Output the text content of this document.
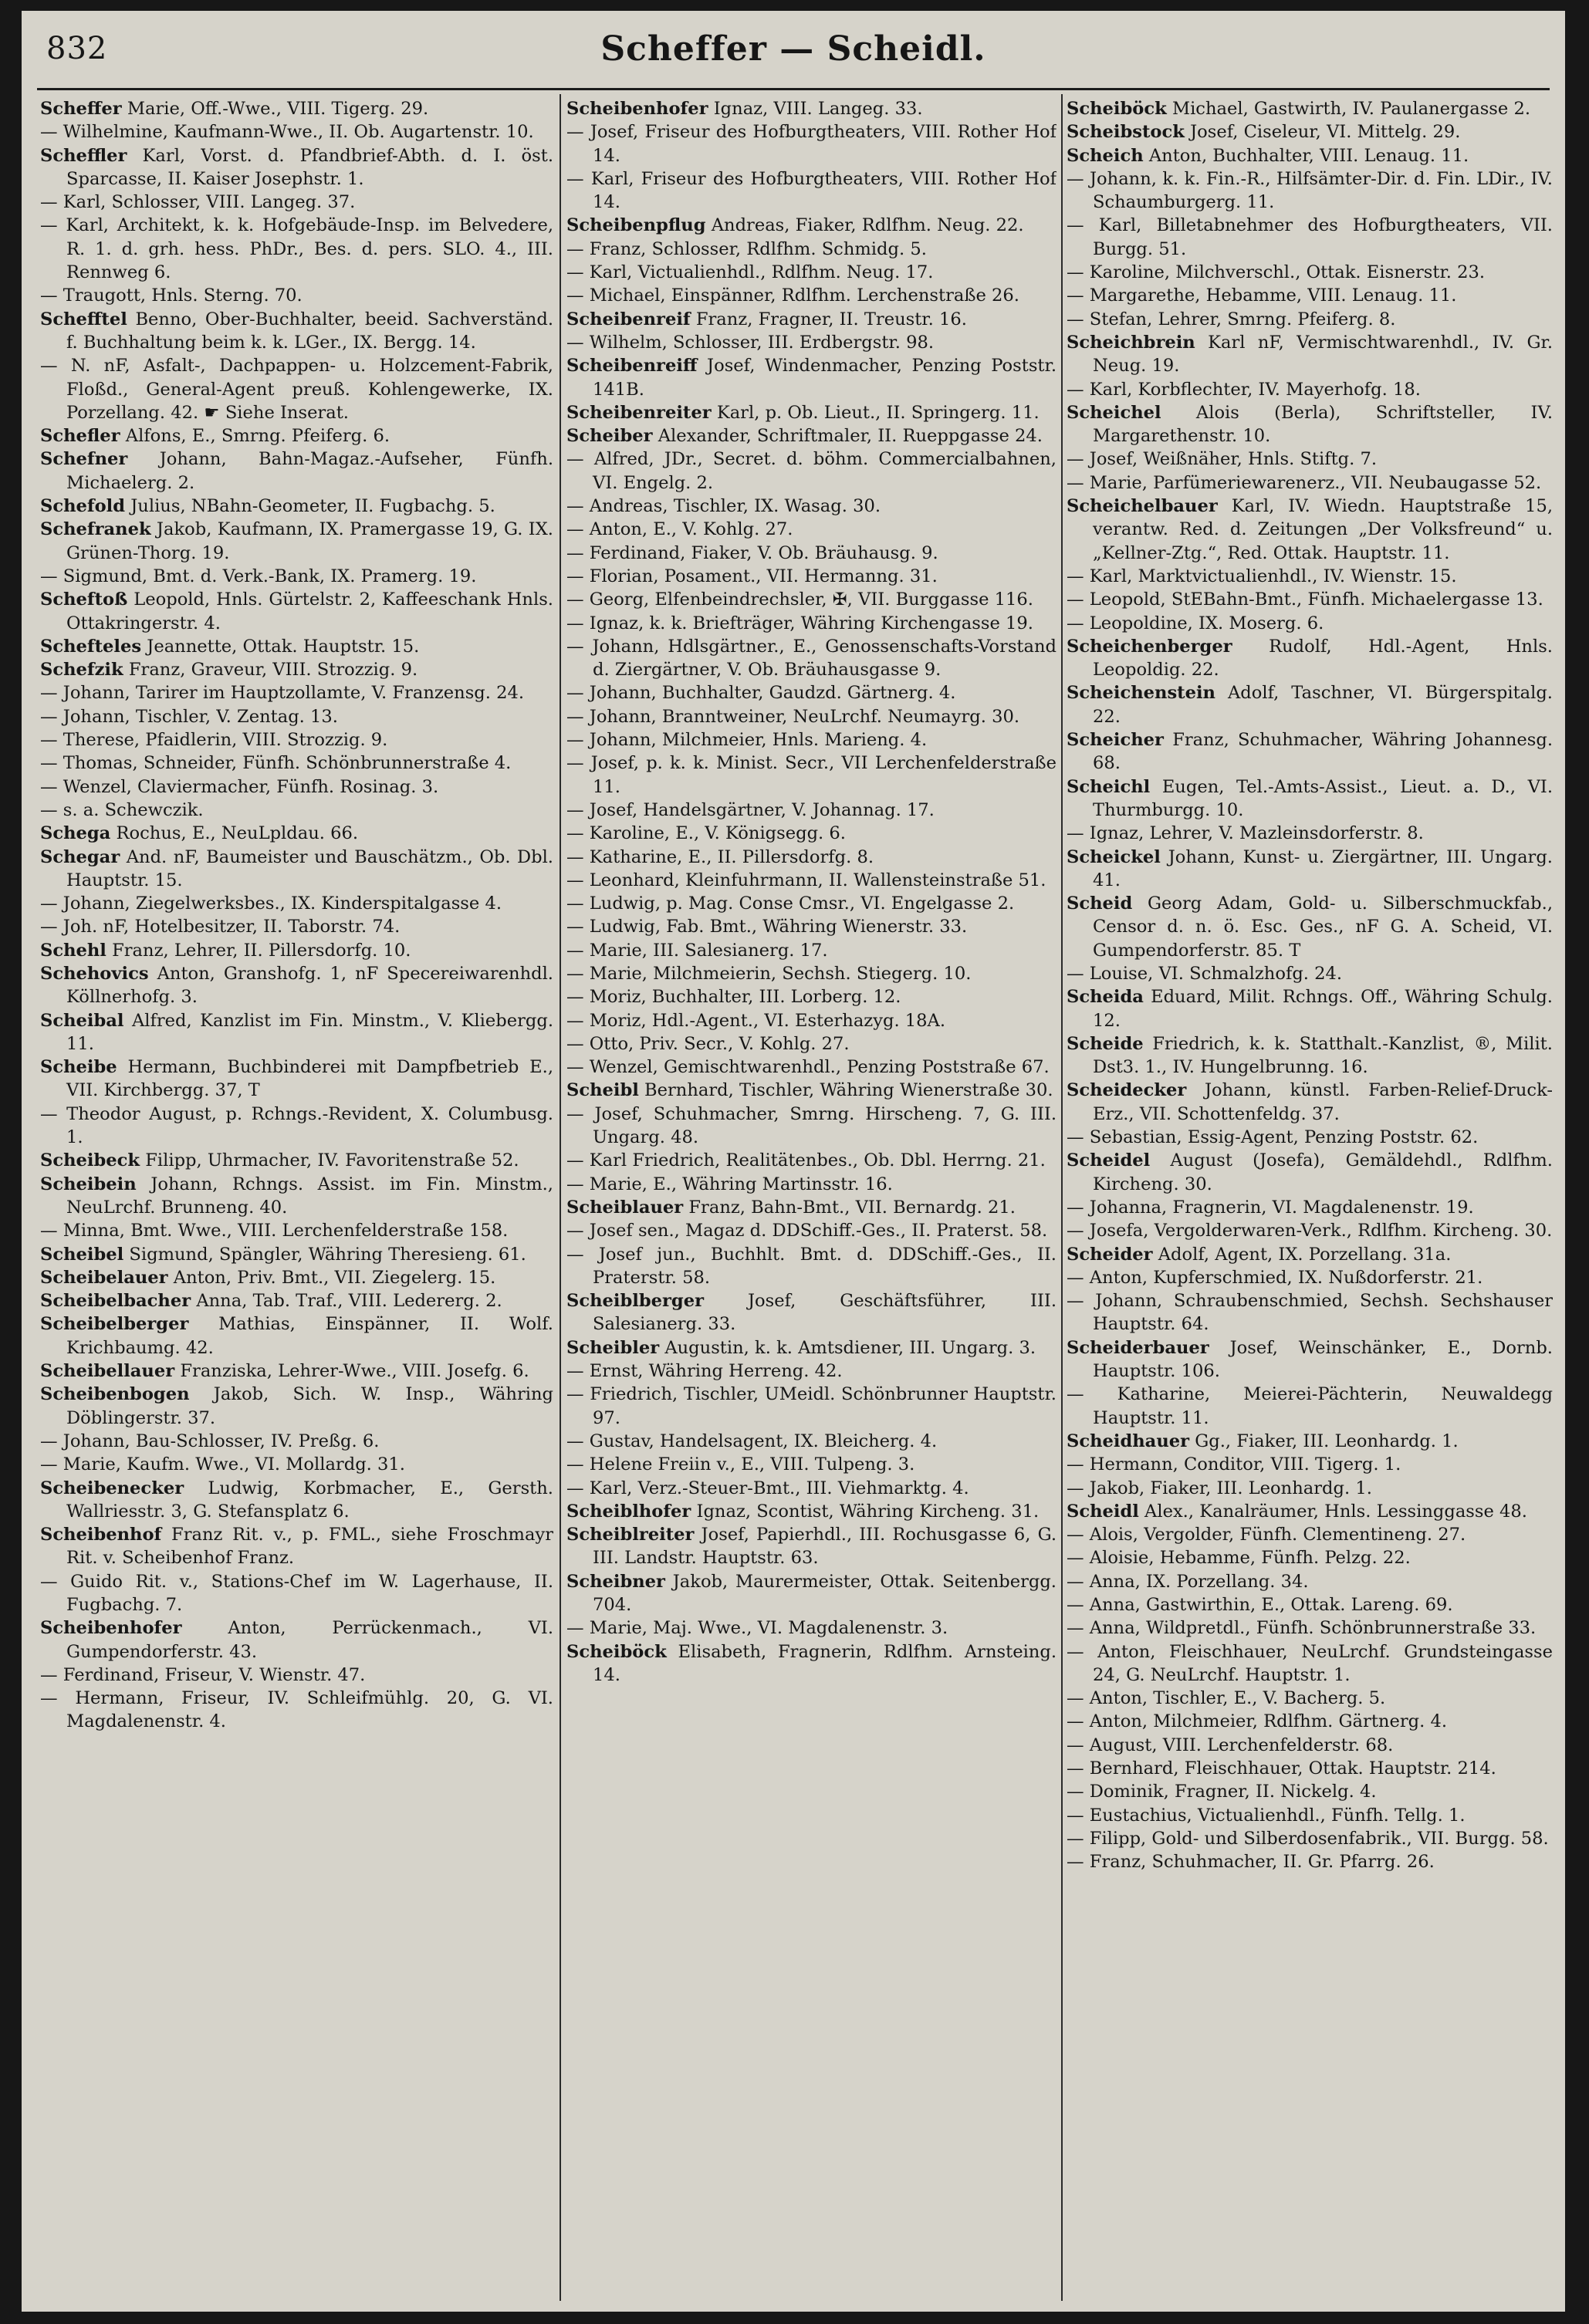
832	Scheffer — Scheidl.

Scheffer Marie, Off.-Wwe., VIII. Tigerg. 29.

— Wilhelmine, Kaufmann-Wwe., II. Ob. Augartenstr. 10.

Scheffler Karl, Vorst. d. Pfandbrief-Abth. d. I. öst. Sparcasse, II. Kaiser Josephstr. 1.

— Karl, Schlosser, VIII. Langeg. 37.

— Karl, Architekt, k. k. Hofgebäude-Insp. im Belvedere, R. 1. d. grh. hess. PhDr., Bes. d. pers. SLO. 4., III. Rennweg 6.

— Traugott, Hnls. Sterng. 70.

Schefftel Benno, Ober-Buchhalter, beeid. Sachverständ. f. Buchhaltung beim k. k. LGer., IX. Bergg. 14.

— N. nF, Asfalt-, Dachpappen- u. Holzcement-Fabrik, Floßd., General-Agent preuß. Kohlengewerke, IX. Porzellang. 42. ☛ Siehe Inserat.

Schefler Alfons, E., Smrng. Pfeiferg. 6.

Schefner Johann, Bahn-Magaz.-Aufseher, Fünfh. Michaelerg. 2.

Schefold Julius, NBahn-Geometer, II. Fugbachg. 5.

Schefranek Jakob, Kaufmann, IX. Pramergasse 19, G. IX. Grünen-Thorg. 19.

— Sigmund, Bmt. d. Verk.-Bank, IX. Pramerg. 19.

Scheftoß Leopold, Hnls. Gürtelstr. 2, Kaffeeschank Hnls. Ottakringerstr. 4.

Schefteles Jeannette, Ottak. Hauptstr. 15.

Schefzik Franz, Graveur, VIII. Strozzig. 9.

— Johann, Tarirer im Hauptzollamte, V. Franzensg. 24.

— Johann, Tischler, V. Zentag. 13.

— Therese, Pfaidlerin, VIII. Strozzig. 9.

— Thomas, Schneider, Fünfh. Schönbrunnerstraße 4.

— Wenzel, Claviermacher, Fünfh. Rosinag. 3.

— s. a. Schewczik.

Schega Rochus, E., NeuLpldau. 66.

Schegar And. nF, Baumeister und Bauschätzm., Ob. Dbl. Hauptstr. 15.

— Johann, Ziegelwerksbes., IX. Kinderspitalgasse 4.

— Joh. nF, Hotelbesitzer, II. Taborstr. 74.

Schehl Franz, Lehrer, II. Pillersdorfg. 10.

Schehovics Anton, Granshofg. 1, nF Specereiwarenhdl. Köllnerhofg. 3.

Scheibal Alfred, Kanzlist im Fin. Minstm., V. Kliebergg. 11.

Scheibe Hermann, Buchbinderei mit Dampfbetrieb E., VII. Kirchbergg. 37, T

— Theodor August, p. Rchngs.-Revident, X. Columbusg. 1.

Scheibeck Filipp, Uhrmacher, IV. Favoritenstraße 52.

Scheibein Johann, Rchngs. Assist. im Fin. Minstm., NeuLrchf. Brunneng. 40.

— Minna, Bmt. Wwe., VIII. Lerchenfelderstraße 158.

Scheibel Sigmund, Spängler, Währing Theresieng. 61.

Scheibelauer Anton, Priv. Bmt., VII. Ziegelerg. 15.

Scheibelbacher Anna, Tab. Traf., VIII. Ledererg. 2.

Scheibelberger Mathias, Einspänner, II. Wolf. Krichbaumg. 42.

Scheibellauer Franziska, Lehrer-Wwe., VIII. Josefg. 6.

Scheibenbogen Jakob, Sich. W. Insp., Währing Döblingerstr. 37.

— Johann, Bau-Schlosser, IV. Preßg. 6.

— Marie, Kaufm. Wwe., VI. Mollardg. 31.

Scheibenecker Ludwig, Korbmacher, E., Gersth. Wallriesstr. 3, G. Stefansplatz 6.

Scheibenhof Franz Rit. v., p. FML., siehe Froschmayr Rit. v. Scheibenhof Franz.

— Guido Rit. v., Stations-Chef im W. Lagerhause, II. Fugbachg. 7.

Scheibenhofer	Anton, Perrückenmach., VI. Gumpendorferstr. 43.

— Ferdinand, Friseur, V. Wienstr. 47.

— Hermann, Friseur, IV. Schleifmühlg. 20, G. VI. Magdalenenstr. 4.

Scheibenhofer Ignaz, VIII. Langeg. 33.

— Josef, Friseur des Hofburgtheaters, VIII. Rother Hof 14.

— Karl, Friseur des Hofburgtheaters, VIII. Rother Hof 14.

Scheibenpflug Andreas, Fiaker, Rdlfhm. Neug. 22.

— Franz, Schlosser, Rdlfhm. Schmidg. 5.

— Karl, Victualienhdl., Rdlfhm. Neug. 17.

— Michael, Einspänner, Rdlfhm. Lerchenstraße 26.

Scheibenreif Franz, Fragner, II. Treustr. 16.

— Wilhelm, Schlosser, III. Erdbergstr. 98.

Scheibenreiff Josef, Windenmacher, Penzing Poststr. 141B.

Scheibenreiter Karl, p. Ob. Lieut., II. Springerg. 11.

Scheiber Alexander, Schriftmaler, II. Rueppgasse 24.

— Alfred, JDr., Secret. d. böhm. Commercialbahnen, VI. Engelg. 2.

— Andreas, Tischler, IX. Wasag. 30.

— Anton, E., V. Kohlg. 27.

— Ferdinand, Fiaker, V. Ob. Bräuhausg. 9.

— Florian, Posament., VII. Hermanng. 31.

— Georg, Elfenbeindrechsler, ✠, VII. Burggasse 116.

— Ignaz, k. k. Briefträger, Währing Kirchengasse 19.

— Johann, Hdlsgärtner., E., Genossenschafts-Vorstand d. Ziergärtner, V. Ob. Bräuhausgasse 9.

— Johann, Buchhalter, Gaudzd. Gärtnerg. 4.

— Johann, Branntweiner, NeuLrchf. Neumayrg. 30.

— Johann, Milchmeier, Hnls. Marieng. 4.

— Josef, p. k. k. Minist. Secr., VII Lerchenfelderstraße 11.

— Josef, Handelsgärtner, V. Johannag. 17.

— Karoline, E., V. Königsegg. 6.

— Katharine, E., II. Pillersdorfg. 8.

— Leonhard, Kleinfuhrmann, II. Wallensteinstraße 51.

— Ludwig, p. Mag. Conse Cmsr., VI. Engelgasse 2.

— Ludwig, Fab. Bmt., Währing Wienerstr. 33.

— Marie, III. Salesianerg. 17.

— Marie, Milchmeierin, Sechsh. Stiegerg. 10.

— Moriz, Buchhalter, III. Lorberg. 12.

— Moriz, Hdl.-Agent., VI. Esterhazyg. 18A.

— Otto, Priv. Secr., V. Kohlg. 27.

— Wenzel, Gemischtwarenhdl., Penzing Poststraße 67.

Scheibl Bernhard, Tischler, Währing Wienerstraße 30.

— Josef, Schuhmacher, Smrng. Hirscheng. 7, G. III. Ungarg. 48.

— Karl Friedrich, Realitätenbes., Ob. Dbl. Herrng. 21.

— Marie, E., Währing Martinsstr. 16.

Scheiblauer Franz, Bahn-Bmt., VII. Bernardg. 21.

— Josef sen., Magaz d. DDSchiff.-Ges., II. Praterst. 58.

— Josef jun., Buchhlt. Bmt. d. DDSchiff.-Ges., II. Praterstr. 58.

Scheiblberger	Josef, Geschäftsführer, III. Salesianerg. 33.

Scheibler Augustin, k. k. Amtsdiener, III. Ungarg. 3.

— Ernst, Währing Herreng. 42.

— Friedrich, Tischler, UMeidl. Schönbrunner Hauptstr. 97.

— Gustav, Handelsagent, IX. Bleicherg. 4.

— Helene Freiin v., E., VIII. Tulpeng. 3.

— Karl, Verz.-Steuer-Bmt., III. Viehmarktg. 4.

Scheiblhofer Ignaz, Scontist, Währing Kircheng. 31.

Scheiblreiter Josef, Papierhdl., III. Rochusgasse 6, G. III. Landstr. Hauptstr. 63.

Scheibner Jakob, Maurermeister, Ottak. Seitenbergg. 704.

— Marie, Maj. Wwe., VI. Magdalenenstr. 3.

Scheiböck Elisabeth, Fragnerin, Rdlfhm. Arnsteing. 14.

Scheiböck Michael, Gastwirth, IV. Paulanergasse 2.

Scheibstock Josef, Ciseleur, VI. Mittelg. 29.

Scheich Anton, Buchhalter, VIII. Lenaug. 11.

— Johann, k. k. Fin.-R., Hilfsämter-Dir. d. Fin. LDir., IV. Schaumburgerg. 11.

— Karl, Billetabnehmer des Hofburgtheaters, VII. Burgg. 51.

— Karoline, Milchverschl., Ottak. Eisnerstr. 23.

— Margarethe, Hebamme, VIII. Lenaug. 11.

— Stefan, Lehrer, Smrng. Pfeiferg. 8.

Scheichbrein Karl nF, Vermischtwarenhdl., IV. Gr. Neug. 19.

— Karl, Korbflechter, IV. Mayerhofg. 18.

Scheichel Alois (Berla), Schriftsteller, IV. Margarethenstr. 10.

— Josef, Weißnäher, Hnls. Stiftg. 7.

— Marie, Parfümeriewarenerz., VII. Neubaugasse 52.

Scheichelbauer Karl, IV. Wiedn. Hauptstraße 15, verantw. Red. d. Zeitungen „Der Volksfreund“ u. „Kellner-Ztg.“, Red. Ottak. Hauptstr. 11.

— Karl, Marktvictualienhdl., IV. Wienstr. 15.

— Leopold, StEBahn-Bmt., Fünfh. Michaelergasse 13.

— Leopoldine, IX. Moserg. 6.

Scheichenberger Rudolf, Hdl.-Agent, Hnls. Leopoldig. 22.

Scheichenstein Adolf, Taschner, VI. Bürgerspitalg. 22.

Scheicher Franz, Schuhmacher, Währing Johannesg. 68.

Scheichl Eugen, Tel.-Amts-Assist., Lieut. a. D., VI. Thurmburgg. 10.

— Ignaz, Lehrer, V. Mazleinsdorferstr. 8.

Scheickel Johann, Kunst- u. Ziergärtner, III. Ungarg. 41.

Scheid Georg Adam, Gold- u. Silberschmuckfab., Censor d. n. ö. Esc. Ges., nF G. A. Scheid, VI. Gumpendorferstr. 85. T

— Louise, VI. Schmalzhofg. 24.

Scheida Eduard, Milit. Rchngs. Off., Währing Schulg. 12.

Scheide Friedrich, k. k. Statthalt.-Kanzlist, ®, Milit. Dst3. 1., IV. Hungelbrunng. 16.

Scheidecker Johann, künstl. Farben-Relief-Druck-Erz., VII. Schottenfeldg. 37.

— Sebastian, Essig-Agent, Penzing Poststr. 62.

Scheidel August (Josefa), Gemäldehdl., Rdlfhm. Kircheng. 30.

— Johanna, Fragnerin, VI. Magdalenenstr. 19.

— Josefa, Vergolderwaren-Verk., Rdlfhm. Kircheng. 30.

Scheider Adolf, Agent, IX. Porzellang. 31a.

— Anton, Kupferschmied, IX. Nußdorferstr. 21.

— Johann, Schraubenschmied, Sechsh. Sechshauser Hauptstr. 64.

Scheiderbauer Josef, Weinschänker, E., Dornb. Hauptstr. 106.

— Katharine, Meierei-Pächterin, Neuwaldegg Hauptstr. 11.

Scheidhauer Gg., Fiaker, III. Leonhardg. 1.

— Hermann, Conditor, VIII. Tigerg. 1.

— Jakob, Fiaker, III. Leonhardg. 1.

Scheidl Alex., Kanalräumer, Hnls. Lessinggasse 48.

— Alois, Vergolder, Fünfh. Clementineng. 27.

— Aloisie, Hebamme, Fünfh. Pelzg. 22.

— Anna, IX. Porzellang. 34.

— Anna, Gastwirthin, E., Ottak. Lareng. 69.

— Anna, Wildpretdl., Fünfh. Schönbrunnerstraße 33.

— Anton, Fleischhauer, NeuLrchf. Grundsteingasse 24, G. NeuLrchf. Hauptstr. 1.

— Anton, Tischler, E., V. Bacherg. 5.

— Anton, Milchmeier, Rdlfhm. Gärtnerg. 4.

— August, VIII. Lerchenfelderstr. 68.

— Bernhard, Fleischhauer, Ottak. Hauptstr. 214.

— Dominik, Fragner, II. Nickelg. 4.

— Eustachius, Victualienhdl., Fünfh. Tellg. 1.

— Filipp, Gold- und Silberdosenfabrik., VII. Burgg. 58.

— Franz, Schuhmacher, II. Gr. Pfarrg. 26.
